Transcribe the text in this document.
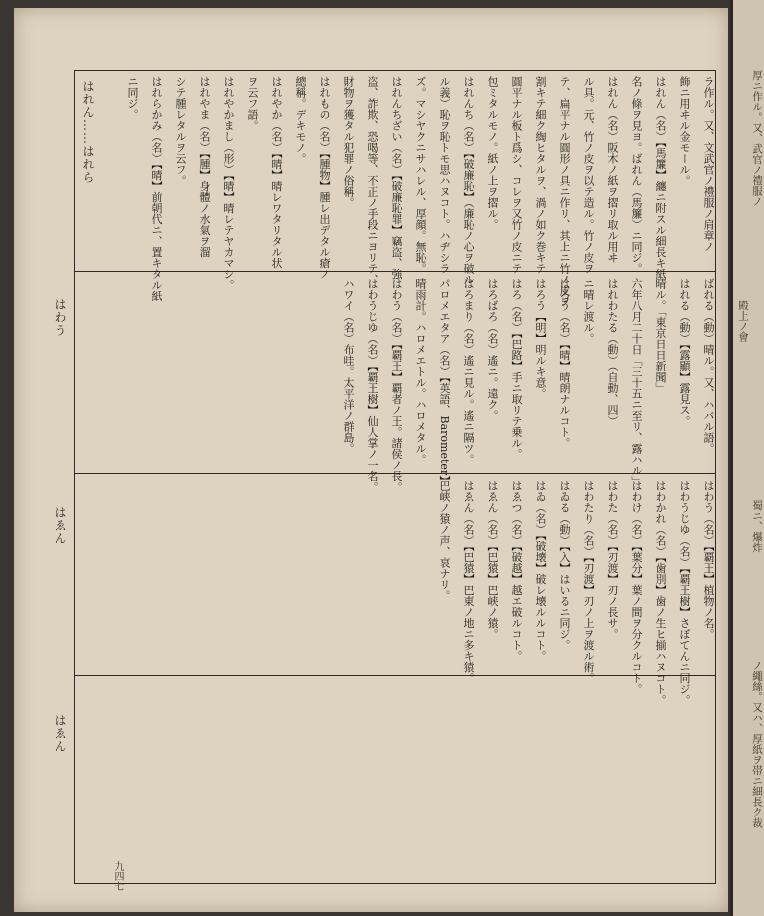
はれん……はれら
はわう
はゑん
はゑん
ラ作ル。又、文武官ノ禮服ノ肩章ノ
飾ニ用ヰル金モール。
はれん（名）【馬簾】纏ニ附スル細長キ紙
名ノ條ヲ見ヨ。ばれん（馬簾）ニ同ジ。
はれん（名）阪木ノ紙ヲ摺リ取ル用ヰ
ル具。元、竹ノ皮ヲ以テ造ル。竹ノ皮ヲ
テ、扁平ナル圓形ノ具ニ作リ、其上ニ竹ノ皮ヲ
割キテ細ク綯ヒタルヲ、渦ノ如ク巻キテ
圓平ナル板ト爲シ、コレヲ又竹ノ皮ニテ
包ミタルモノ。紙ノ上ヲ摺ル。
はれんち（名）【破廉恥】（廉恥ノ心ヲ破ル
ル義）恥ヲ恥トモ思ハヌコト。ハヂシラ
ズ。マシヤクニサハレル、厚顔。無恥。
はれんちざい（名）【破廉恥罪】竊盗、強
盗、詐欺、恐喝等、不正ノ手段ニヨリテ、
財物ヲ獲タル犯罪ノ俗稱。
はれもの（名）【腫物】腫レ出デタル瘡ノ
總稱。デキモノ。
はれやか（名）【晴】晴レワタリタル状
ヲ云フ語。
はれやかまし（形）【晴】晴レテヤカマシ。
はれやま（名）【腫】身體ノ水氣ヲ溜
シテ腫レタルヲ云フ。
はれらかみ（名）【晴】前朝代ニ、置キタル紙
ニ同ジ。
ばれる（動）晴ル。又、ハバル語。
はれる（動）【露顯】露見ス。
晴ル。「東京日日新聞」
六年八月二十日「三十五ニ至リ、露ハル」
はれわたる（動）（自動、四）
ニ晴レ渡ル。
はろう（名）【晴】晴朗ナルコト。
はろう【明】明ルキ意。
はろ（名）【巴路】手ニ取リテ乗ル。
はろばろ（名）遙ニ。遠ク。
はろまり（名）遙ニ見ル。遙ニ隔ツ。
パロメエタア（名）【英語、Barometer】
晴雨計。ハロメエトル。ハロメタル。
はわう（名）【覇王】覇者ノ王。諸侯ノ長。
はわうじゆ（名）【覇王樹】仙人掌ノ一名。
ハワイ（名）布哇。太平洋ノ群島。
はわう（名）【覇王】植物ノ名。
はわうじゆ（名）【覇王樹】さぼてんニ同ジ。
はわかれ（名）【歯別】歯ノ生ヒ揃ハヌコト。
はわけ（名）【葉分】葉ノ間ヲ分クルコト。
はわた（名）【刃渡】刃ノ長サ。
はわたり（名）【刃渡】刃ノ上ヲ渡ル術。
はゐる（動）【入】はいるニ同ジ。
はゐ（名）【破壊】破レ壊ルルコト。
はゑつ（名）【破越】越エ破ルコト。
はゑん（名）【巴猿】巴峡ノ猿。
はゑん（名）【巴猿】巴東ノ地ニ多キ猿。
巴峡ノ猿ノ声、哀ナリ。
九四七
厚ニ作ル。又、武官ノ禮服ノ
殿上ノ會
蜀ニ、爆炸
ノ繩絲。又ハ、厚紙ヲ帯ニ細長ク裁
